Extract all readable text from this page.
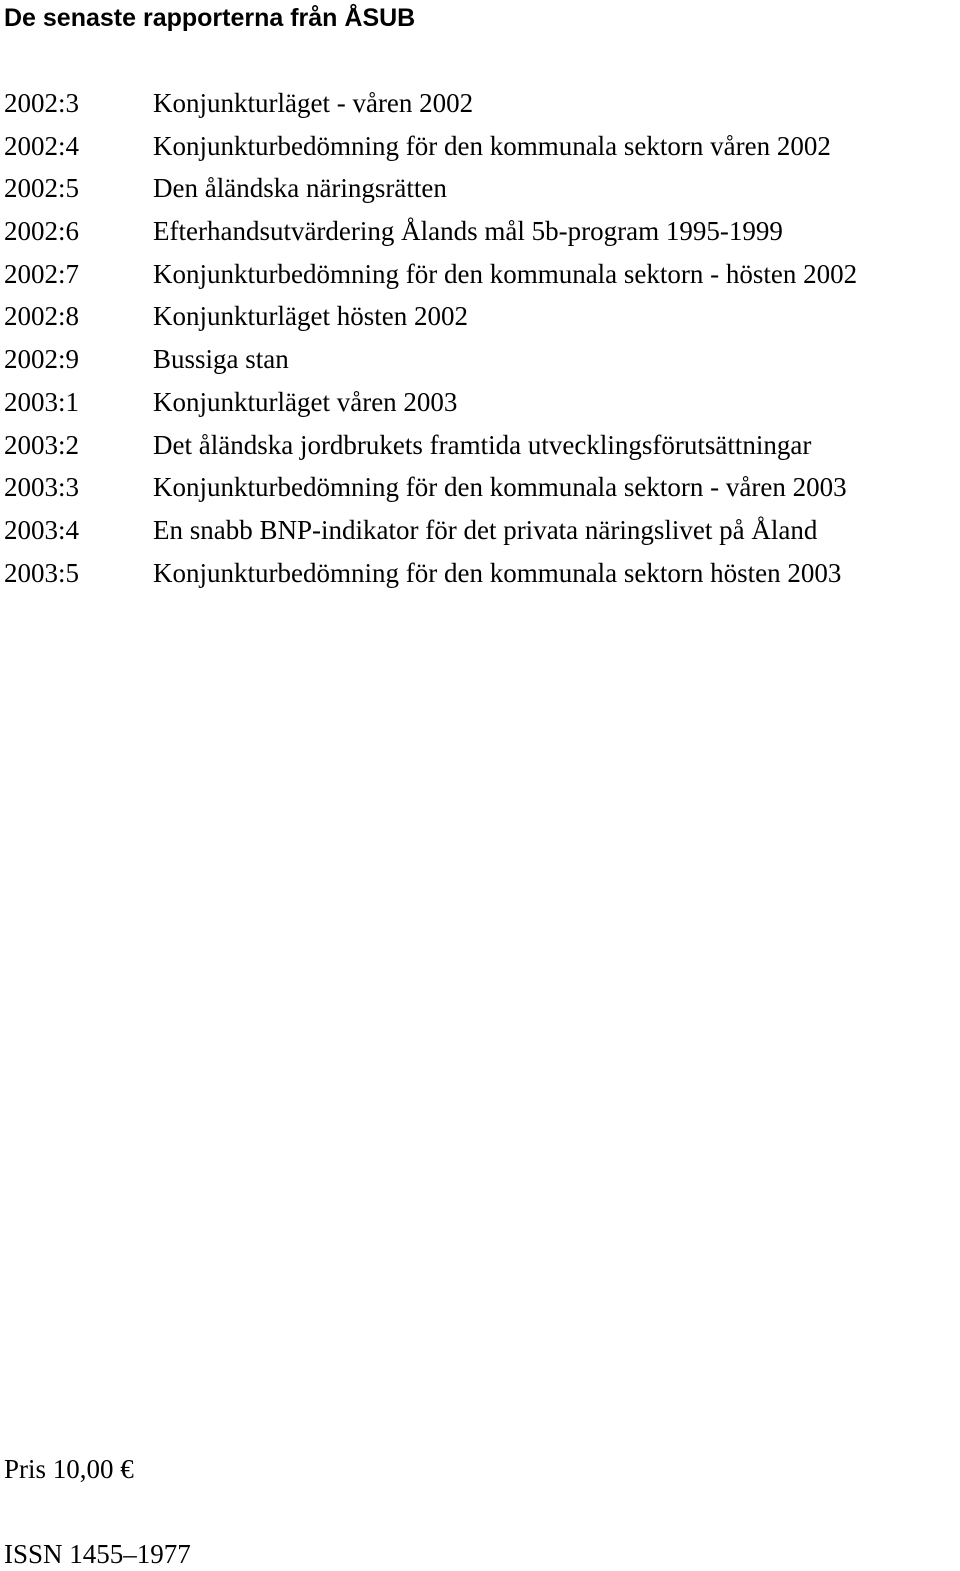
De senaste rapporterna från ÅSUB
2002:3	Konjunkturläget - våren 2002
2002:4	Konjunkturbedömning för den kommunala sektorn våren 2002
2002:5	Den åländska näringsrätten
2002:6	Efterhandsutvärdering Ålands mål 5b-program 1995-1999
2002:7	Konjunkturbedömning för den kommunala sektorn - hösten 2002
2002:8	Konjunkturläget hösten 2002
2002:9	Bussiga stan
2003:1	Konjunkturläget våren 2003
2003:2	Det åländska jordbrukets framtida utvecklingsförutsättningar
2003:3	Konjunkturbedömning för den kommunala sektorn - våren 2003
2003:4	En snabb BNP-indikator för det privata näringslivet på Åland
2003:5	Konjunkturbedömning för den kommunala sektorn hösten 2003
Pris 10,00 €
ISSN 1455–1977
